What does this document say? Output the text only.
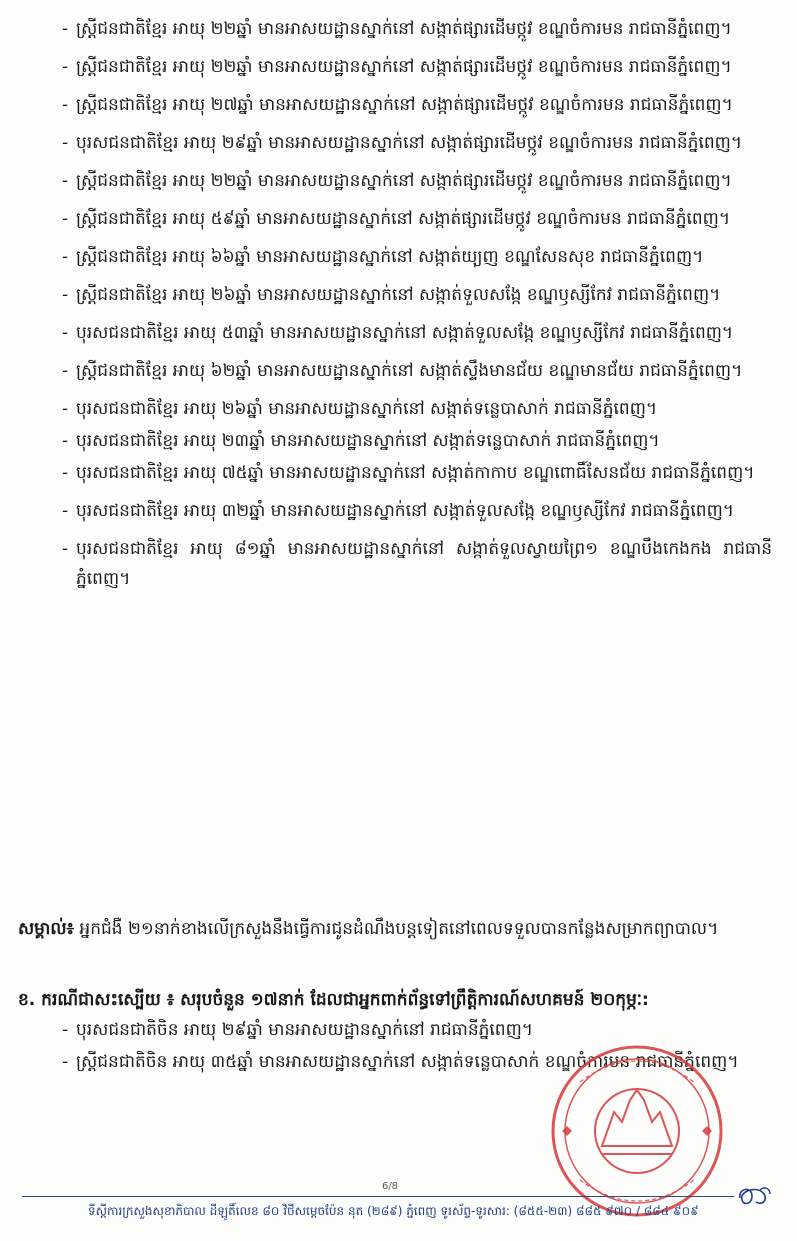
- ស្ត្រីជនជាតិខ្មែរ អាយុ ២២ឆ្នាំ មានអាសយដ្ឋានស្នាក់នៅ សង្កាត់ផ្សារដើមថ្កូវ ខណ្ឌចំការមន រាជធានីភ្នំពេញ។
- ស្ត្រីជនជាតិខ្មែរ អាយុ ២២ឆ្នាំ មានអាសយដ្ឋានស្នាក់នៅ សង្កាត់ផ្សារដើមថ្កូវ ខណ្ឌចំការមន រាជធានីភ្នំពេញ។
- ស្ត្រីជនជាតិខ្មែរ អាយុ ២៧ឆ្នាំ មានអាសយដ្ឋានស្នាក់នៅ សង្កាត់ផ្សារដើមថ្កូវ ខណ្ឌចំការមន រាជធានីភ្នំពេញ។
- បុរសជនជាតិខ្មែរ អាយុ ២៩ឆ្នាំ មានអាសយដ្ឋានស្នាក់នៅ សង្កាត់ផ្សារដើមថ្កូវ ខណ្ឌចំការមន រាជធានីភ្នំពេញ។
- ស្ត្រីជនជាតិខ្មែរ អាយុ ២២ឆ្នាំ មានអាសយដ្ឋានស្នាក់នៅ សង្កាត់ផ្សារដើមថ្កូវ ខណ្ឌចំការមន រាជធានីភ្នំពេញ។
- ស្ត្រីជនជាតិខ្មែរ អាយុ ៥៩ឆ្នាំ មានអាសយដ្ឋានស្នាក់នៅ សង្កាត់ផ្សារដើមថ្កូវ ខណ្ឌចំការមន រាជធានីភ្នំពេញ។
- ស្ត្រីជនជាតិខ្មែរ អាយុ ៦៦ឆ្នាំ មានអាសយដ្ឋានស្នាក់នៅ សង្កាត់យុ្យញ ខណ្ឌសែនសុខ រាជធានីភ្នំពេញ។
- ស្ត្រីជនជាតិខ្មែរ អាយុ ២៦ឆ្នាំ មានអាសយដ្ឋានស្នាក់នៅ សង្កាត់ទួលសង្កែ ខណ្ឌឫស្សីកែវ រាជធានីភ្នំពេញ។
- បុរសជនជាតិខ្មែរ អាយុ ៥៣ឆ្នាំ មានអាសយដ្ឋានស្នាក់នៅ សង្កាត់ទួលសង្កែ ខណ្ឌឫស្សីកែវ រាជធានីភ្នំពេញ។
- ស្ត្រីជនជាតិខ្មែរ អាយុ ៦២ឆ្នាំ មានអាសយដ្ឋានស្នាក់នៅ សង្កាត់ស្ទឹងមានជ័យ ខណ្ឌមានជ័យ រាជធានីភ្នំពេញ។
- បុរសជនជាតិខ្មែរ អាយុ ២៦ឆ្នាំ មានអាសយដ្ឋានស្នាក់នៅ សង្កាត់ទន្លេបាសាក់ រាជធានីភ្នំពេញ។
- បុរសជនជាតិខ្មែរ អាយុ ២៣ឆ្នាំ មានអាសយដ្ឋានស្នាក់នៅ សង្កាត់ទន្លេបាសាក់ រាជធានីភ្នំពេញ។
- បុរសជនជាតិខ្មែរ អាយុ ៧៥ឆ្នាំ មានអាសយដ្ឋានស្នាក់នៅ សង្កាត់កាកាប ខណ្ឌពោធិ៍សែនជ័យ រាជធានីភ្នំពេញ។
- បុរសជនជាតិខ្មែរ អាយុ ៣២ឆ្នាំ មានអាសយដ្ឋានស្នាក់នៅ សង្កាត់ទួលសង្កែ ខណ្ឌឫស្សីកែវ រាជធានីភ្នំពេញ។
- បុរសជនជាតិខ្មែរ អាយុ ៨១ឆ្នាំ មានអាសយដ្ឋានស្នាក់នៅ សង្កាត់ទួលស្វាយព្រៃ១ ខណ្ឌបឹងកេងកង រាជធានីភ្នំពេញ។
សម្គាល់៖ អ្នកជំងឺ ២១នាក់ខាងលើក្រសួងនឹងធ្វើការជូនដំណឹងបន្តទៀតនៅពេលទទួលបានកន្លែងសម្រាកព្យាបាល។
ខ. ករណីជាសះស្បើយ ៖ សរុបចំនួន ១៧នាក់ ដែលជាអ្នកពាក់ព័ន្ធទៅព្រឹត្តិការណ៍សហគមន៍ ២០កុម្ភៈ:
- បុរសជនជាតិចិន អាយុ ២៩ឆ្នាំ មានអាសយដ្ឋានស្នាក់នៅ រាជធានីភ្នំពេញ។
- ស្ត្រីជនជាតិចិន អាយុ ៣៥ឆ្នាំ មានអាសយដ្ឋានស្នាក់នៅ សង្កាត់ទន្លេបាសាក់ ខណ្ឌចំការមន រាជធានីភ្នំពេញ។
6/8
ទីស្តីការក្រសួងសុខាភិបាល ដីឡូតិ៍លេខ ៨០ វិថីសម្តេចប៉ែន នុត (២៨៩) ភ្នំពេញ ទូរស័ព្ទ-ទូរសារ: (៨៥៥-២៣) ៨៨៥ ៩៧០ / ៨៨៤ ៩០៩
